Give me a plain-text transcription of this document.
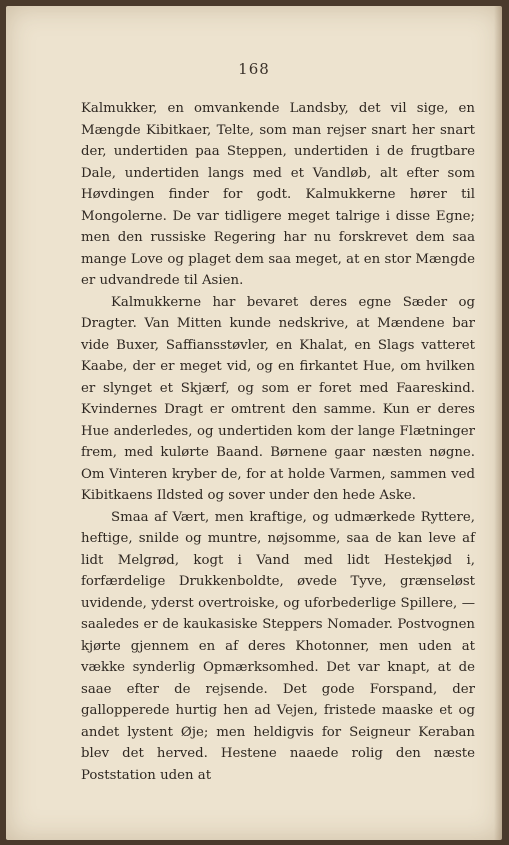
168

Kalmukker, en omvankende Landsby, det vil sige, en Mængde Kibitkaer, Telte, som man rejser snart her snart der, undertiden paa Steppen, undertiden i de frugtbare Dale, undertiden langs med et Vandløb, alt efter som Høvdingen finder for godt. Kalmukkerne hører til Mongolerne. De var tidligere meget talrige i disse Egne; men den russiske Regering har nu forskrevet dem saa mange Love og plaget dem saa meget, at en stor Mængde er udvandrede til Asien.

Kalmukkerne har bevaret deres egne Sæder og Dragter. Van Mitten kunde nedskrive, at Mændene bar vide Buxer, Saffiansstøvler, en Khalat, en Slags vatteret Kaabe, der er meget vid, og en firkantet Hue, om hvilken er slynget et Skjærf, og som er foret med Faareskind. Kvindernes Dragt er omtrent den samme. Kun er deres Hue anderledes, og undertiden kom der lange Flætninger frem, med kulørte Baand. Børnene gaar næsten nøgne. Om Vinteren kryber de, for at holde Varmen, sammen ved Kibitkaens Ildsted og sover under den hede Aske.

Smaa af Vært, men kraftige, og udmærkede Ryttere, heftige, snilde og muntre, nøjsomme, saa de kan leve af lidt Melgrød, kogt i Vand med lidt Hestekjød i, forfærdelige Drukkenboldte, øvede Tyve, grænseløst uvidende, yderst overtroiske, og uforbederlige Spillere, — saaledes er de kaukasiske Steppers Nomader. Postvognen kjørte gjennem en af deres Khotonner, men uden at vække synderlig Opmærksomhed. Det var knapt, at de saae efter de rejsende. Det gode Forspand, der gallopperede hurtig hen ad Vejen, fristede maaske et og andet lystent Øje; men heldigvis for Seigneur Keraban blev det herved. Hestene naaede rolig den næste Poststation uden at
